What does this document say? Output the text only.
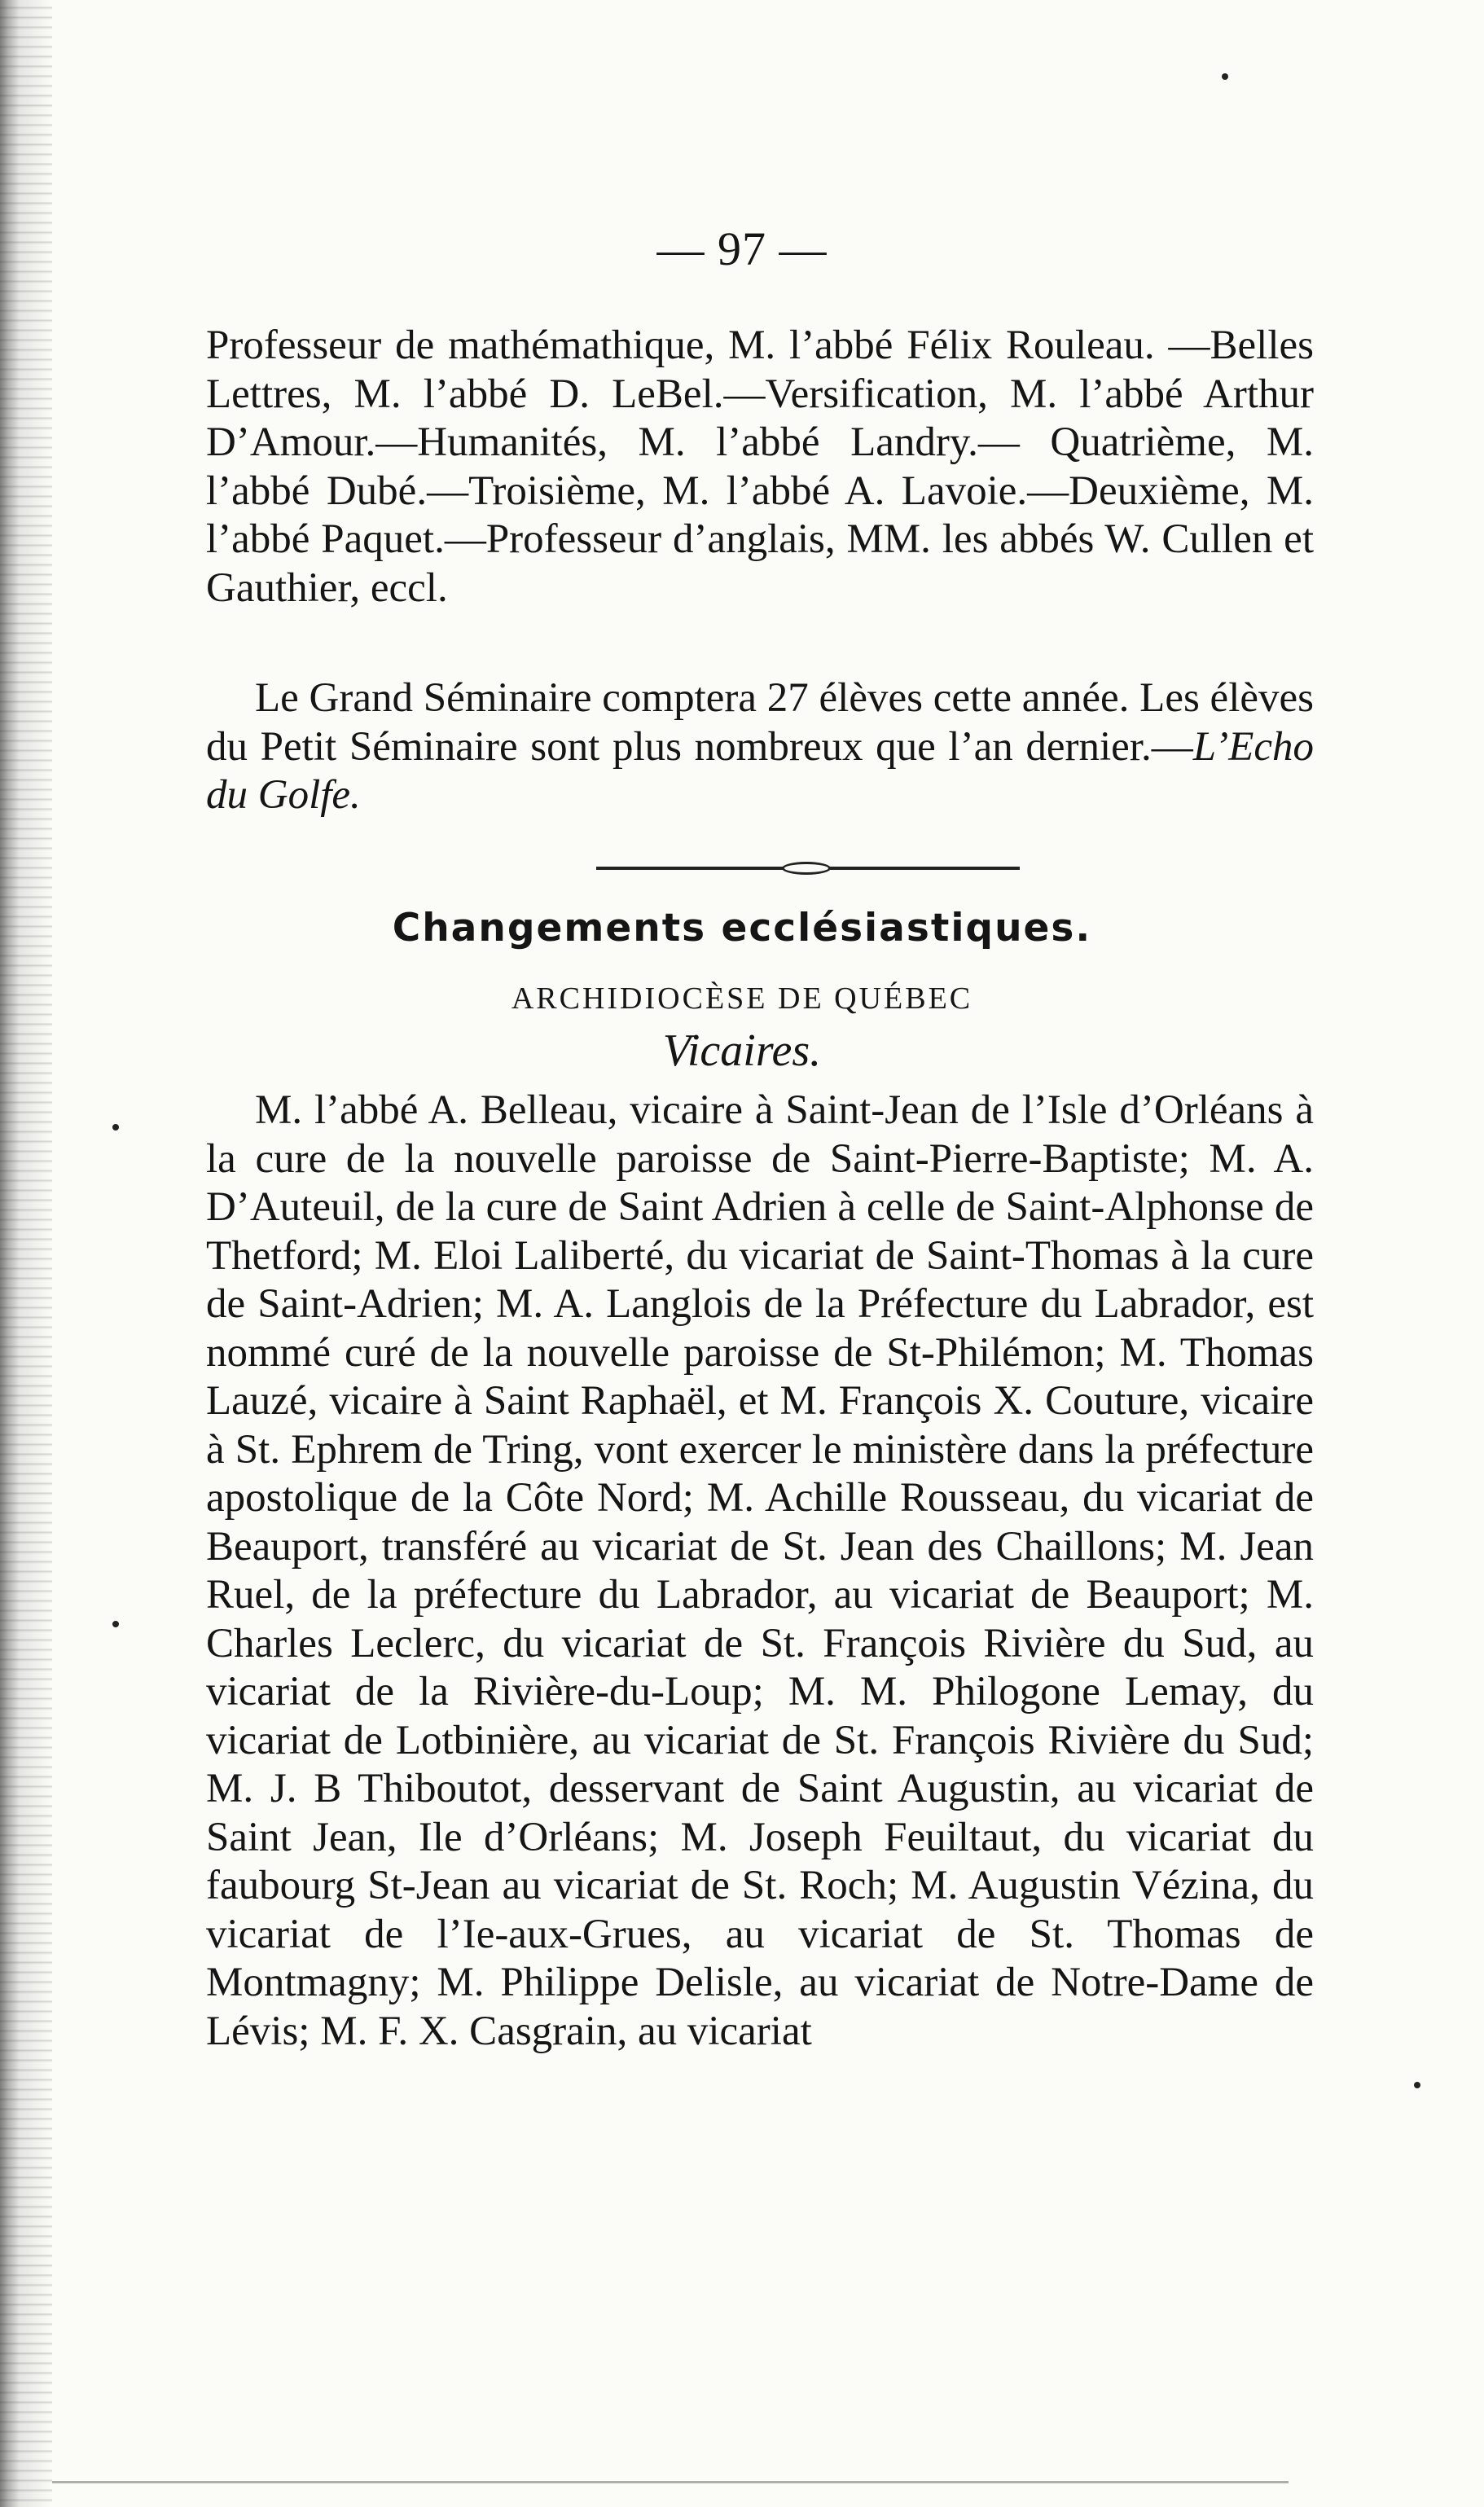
— 97 —

Professeur de mathémathique, M. l’abbé Félix Rouleau. —Belles Lettres, M. l’abbé D. LeBel.—Versification, M. l’abbé Arthur D’Amour.—Humanités, M. l’abbé Landry.— Quatrième, M. l’abbé Dubé.—Troisième, M. l’abbé A. Lavoie.—Deuxième, M. l’abbé Paquet.—Professeur d’anglais, MM. les abbés W. Cullen et Gauthier, eccl.

Le Grand Séminaire comptera 27 élèves cette année. Les élèves du Petit Séminaire sont plus nombreux que l’an dernier.—L’Echo du Golfe.

Changements ecclésiastiques.
ARCHIDIOCÈSE DE QUÉBEC
Vicaires.

M. l’abbé A. Belleau, vicaire à Saint-Jean de l’Isle d’Orléans à la cure de la nouvelle paroisse de Saint-Pierre-Baptiste; M. A. D’Auteuil, de la cure de Saint Adrien à celle de Saint-Alphonse de Thetford; M. Eloi Laliberté, du vicariat de Saint-Thomas à la cure de Saint-Adrien; M. A. Langlois de la Préfecture du Labrador, est nommé curé de la nouvelle paroisse de St-Philémon; M. Thomas Lauzé, vicaire à Saint Raphaël, et M. François X. Couture, vicaire à St. Ephrem de Tring, vont exercer le ministère dans la préfecture apostolique de la Côte Nord; M. Achille Rousseau, du vicariat de Beauport, transféré au vicariat de St. Jean des Chaillons; M. Jean Ruel, de la préfecture du Labrador, au vicariat de Beauport; M. Charles Leclerc, du vicariat de St. François Rivière du Sud, au vicariat de la Rivière-du-Loup; M. M. Philogone Lemay, du vicariat de Lotbinière, au vicariat de St. François Rivière du Sud; M. J. B Thiboutot, desservant de Saint Augustin, au vicariat de Saint Jean, Ile d’Orléans; M. Joseph Feuiltaut, du vicariat du faubourg St-Jean au vicariat de St. Roch; M. Augustin Vézina, du vicariat de l’Ie-aux-Grues, au vicariat de St. Thomas de Montmagny; M. Philippe Delisle, au vicariat de Notre-Dame de Lévis; M. F. X. Casgrain, au vicariat
